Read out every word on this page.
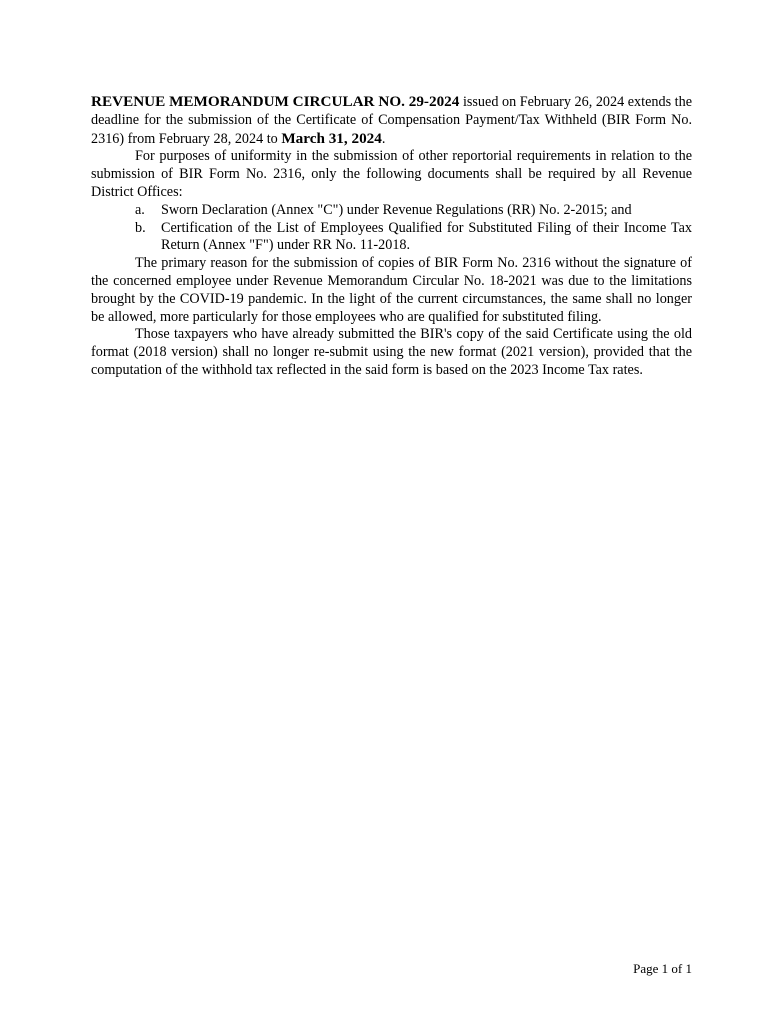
REVENUE MEMORANDUM CIRCULAR NO. 29-2024 issued on February 26, 2024 extends the deadline for the submission of the Certificate of Compensation Payment/Tax Withheld (BIR Form No. 2316) from February 28, 2024 to March 31, 2024.

For purposes of uniformity in the submission of other reportorial requirements in relation to the submission of BIR Form No. 2316, only the following documents shall be required by all Revenue District Offices:

a. Sworn Declaration (Annex "C") under Revenue Regulations (RR) No. 2-2015; and
b. Certification of the List of Employees Qualified for Substituted Filing of their Income Tax Return (Annex "F") under RR No. 11-2018.

The primary reason for the submission of copies of BIR Form No. 2316 without the signature of the concerned employee under Revenue Memorandum Circular No. 18-2021 was due to the limitations brought by the COVID-19 pandemic. In the light of the current circumstances, the same shall no longer be allowed, more particularly for those employees who are qualified for substituted filing.

Those taxpayers who have already submitted the BIR's copy of the said Certificate using the old format (2018 version) shall no longer re-submit using the new format (2021 version), provided that the computation of the withhold tax reflected in the said form is based on the 2023 Income Tax rates.

Page 1 of 1
